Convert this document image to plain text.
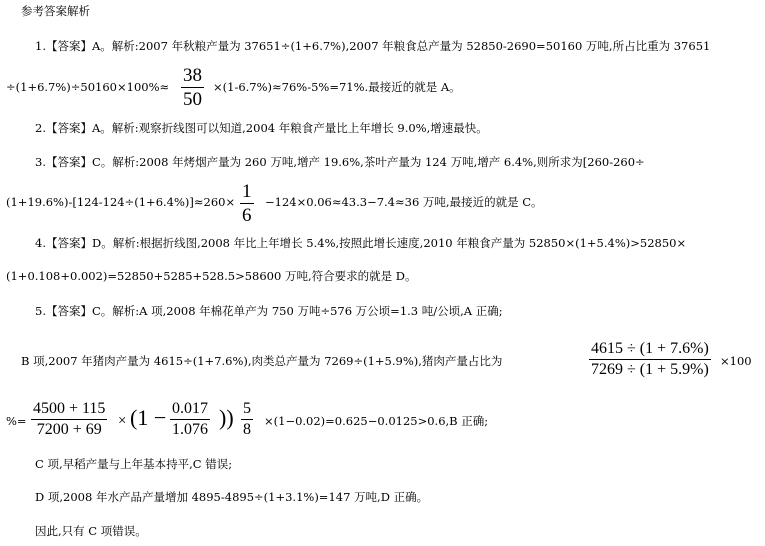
参考答案解析
1.【答案】A。解析:2007 年秋粮产量为 37651÷(1+6.7%),2007 年粮食总产量为 52850-2690=50160 万吨,所占比重为 37651
÷(1+6.7%)÷50160×100%≈
38
50
×(1-6.7%)≈76%-5%=71%.最接近的就是 A。
2.【答案】A。解析:观察折线图可以知道,2004 年粮食产量比上年增长 9.0%,增速最快。
3.【答案】C。解析:2008 年烤烟产量为 260 万吨,增产 19.6%,茶叶产量为 124 万吨,增产 6.4%,则所求为[260-260÷
(1+19.6%)-[124-124÷(1+6.4%)]≈260× 1
6
−124×0.06≈43.3−7.4≈36 万吨,最接近的就是 C。
4.【答案】D。解析:根据折线图,2008 年比上年增长 5.4%,按照此增长速度,2010 年粮食产量为 52850×(1+5.4%)>52850×
(1+0.108+0.002)=52850+5285+528.5>58600 万吨,符合要求的就是 D。
5.【答案】C。解析:A 项,2008 年棉花单产为 750 万吨÷576 万公顷=1.3 吨/公顷,A 正确;
B 项,2007 年猪肉产量为 4615÷(1+7.6%),肉类总产量为 7269÷(1+5.9%),猪肉产量占比为
4615 ÷ (1 + 7.6%)
7269 ÷ (1 + 5.9%) ×100
%=
4500 + 115
7200 + 69 × (1 − 0.017
1.076 )) 5
8 ×(1−0.02)=0.625−0.0125>0.6,B 正确;
C 项,早稻产量与上年基本持平,C 错误;
D 项,2008 年水产品产量增加 4895-4895÷(1+3.1%)=147 万吨,D 正确。
因此,只有 C 项错误。
